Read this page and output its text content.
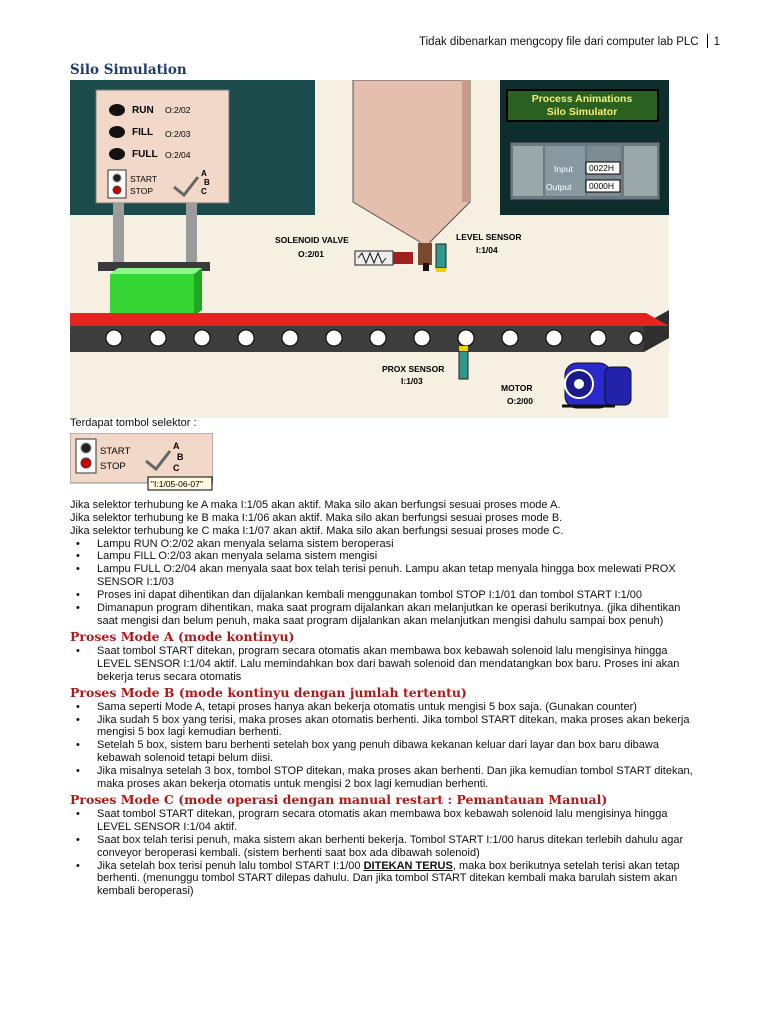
Tidak dibenarkan mengcopy file dari computer lab PLC 1
Silo Simulation
RUN O:2/02
FILL O:2/03
FULL O:2/04
START
STOP
A
B
C
SOLENOID VALVE
O:2/01
LEVEL SENSOR
I:1/04
Process Animations
Silo Simulator
Input 0022H
Output 0000H
PROX SENSOR
I:1/03
MOTOR
O:2/00

Terdapat tombol selektor :

START
STOP
A
B
C
"I:1/05-06-07"

Jika selektor terhubung ke A maka I:1/05 akan aktif. Maka silo akan berfungsi sesuai proses mode A.

Jika selektor terhubung ke B maka I:1/06 akan aktif. Maka silo akan berfungsi sesuai proses mode B.

Jika selektor terhubung ke C maka I:1/07 akan aktif. Maka silo akan berfungsi sesuai proses mode C.

• Lampu RUN O:2/02 akan menyala selama sistem beroperasi
• Lampu FILL O:2/03 akan menyala selama sistem mengisi
• Lampu FULL O:2/04 akan menyala saat box telah terisi penuh. Lampu akan tetap menyala hingga box melewati PROX SENSOR I:1/03
• Proses ini dapat dihentikan dan dijalankan kembali menggunakan tombol STOP I:1/01 dan tombol START I:1/00
• Dimanapun program dihentikan, maka saat program dijalankan akan melanjutkan ke operasi berikutnya. (jika dihentikan saat mengisi dan belum penuh, maka saat program dijalankan akan melanjutkan mengisi dahulu sampai box penuh)
Proses Mode A (mode kontinyu)
• Saat tombol START ditekan, program secara otomatis akan membawa box kebawah solenoid lalu mengisinya hingga LEVEL SENSOR I:1/04 aktif. Lalu memindahkan box dari bawah solenoid dan mendatangkan box baru. Proses ini akan bekerja terus secara otomatis
Proses Mode B (mode kontinyu dengan jumlah tertentu)
• Sama seperti Mode A, tetapi proses hanya akan bekerja otomatis untuk mengisi 5 box saja. (Gunakan counter)
• Jika sudah 5 box yang terisi, maka proses akan otomatis berhenti. Jika tombol START ditekan, maka proses akan bekerja mengisi 5 box lagi kemudian berhenti.
• Setelah 5 box, sistem baru berhenti setelah box yang penuh dibawa kekanan keluar dari layar dan box baru dibawa kebawah solenoid tetapi belum diisi.
• Jika misalnya setelah 3 box, tombol STOP ditekan, maka proses akan berhenti. Dan jika kemudian tombol START ditekan, maka proses akan bekerja otomatis untuk mengisi 2 box lagi kemudian berhenti.
Proses Mode C (mode operasi dengan manual restart : Pemantauan Manual)
• Saat tombol START ditekan, program secara otomatis akan membawa box kebawah solenoid lalu mengisinya hingga LEVEL SENSOR I:1/04 aktif.
• Saat box telah terisi penuh, maka sistem akan berhenti bekerja. Tombol START I:1/00 harus ditekan terlebih dahulu agar conveyor beroperasi kembali. (sistem berhenti saat box ada dibawah solenoid)
• Jika setelah box terisi penuh lalu tombol START I:1/00 DITEKAN TERUS, maka box berikutnya setelah terisi akan tetap berhenti. (menunggu tombol START dilepas dahulu. Dan jika tombol START ditekan kembali maka barulah sistem akan kembali beroperasi)
